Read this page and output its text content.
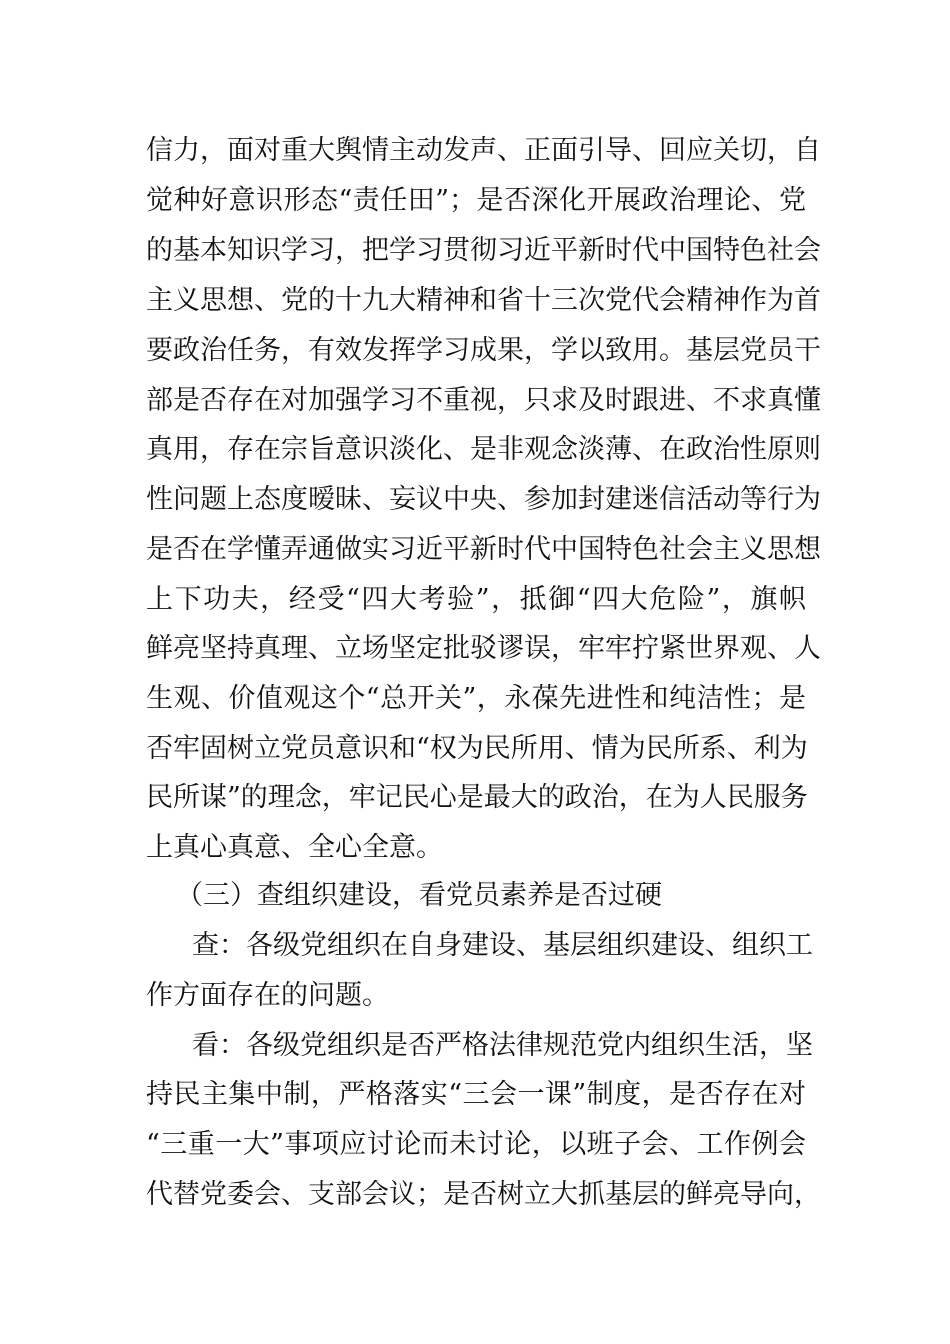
信力，面对重大舆情主动发声、正面引导、回应关切，自
觉种好意识形态“责任田”；是否深化开展政治理论、党
的基本知识学习，把学习贯彻习近平新时代中国特色社会
主义思想、党的十九大精神和省十三次党代会精神作为首
要政治任务，有效发挥学习成果，学以致用。基层党员干
部是否存在对加强学习不重视，只求及时跟进、不求真懂
真用，存在宗旨意识淡化、是非观念淡薄、在政治性原则
性问题上态度暧昧、妄议中央、参加封建迷信活动等行为
是否在学懂弄通做实习近平新时代中国特色社会主义思想
上下功夫，经受“四大考验”，抵御“四大危险”，旗帜
鲜亮坚持真理、立场坚定批驳谬误，牢牢拧紧世界观、人
生观、价值观这个“总开关”，永葆先进性和纯洁性；是
否牢固树立党员意识和“权为民所用、情为民所系、利为
民所谋”的理念，牢记民心是最大的政治，在为人民服务
上真心真意、全心全意。
（三）查组织建设，看党员素养是否过硬
查：各级党组织在自身建设、基层组织建设、组织工
作方面存在的问题。
看：各级党组织是否严格法律规范党内组织生活，坚
持民主集中制，严格落实“三会一课”制度，是否存在对
“三重一大”事项应讨论而未讨论，以班子会、工作例会
代替党委会、支部会议；是否树立大抓基层的鲜亮导向，
